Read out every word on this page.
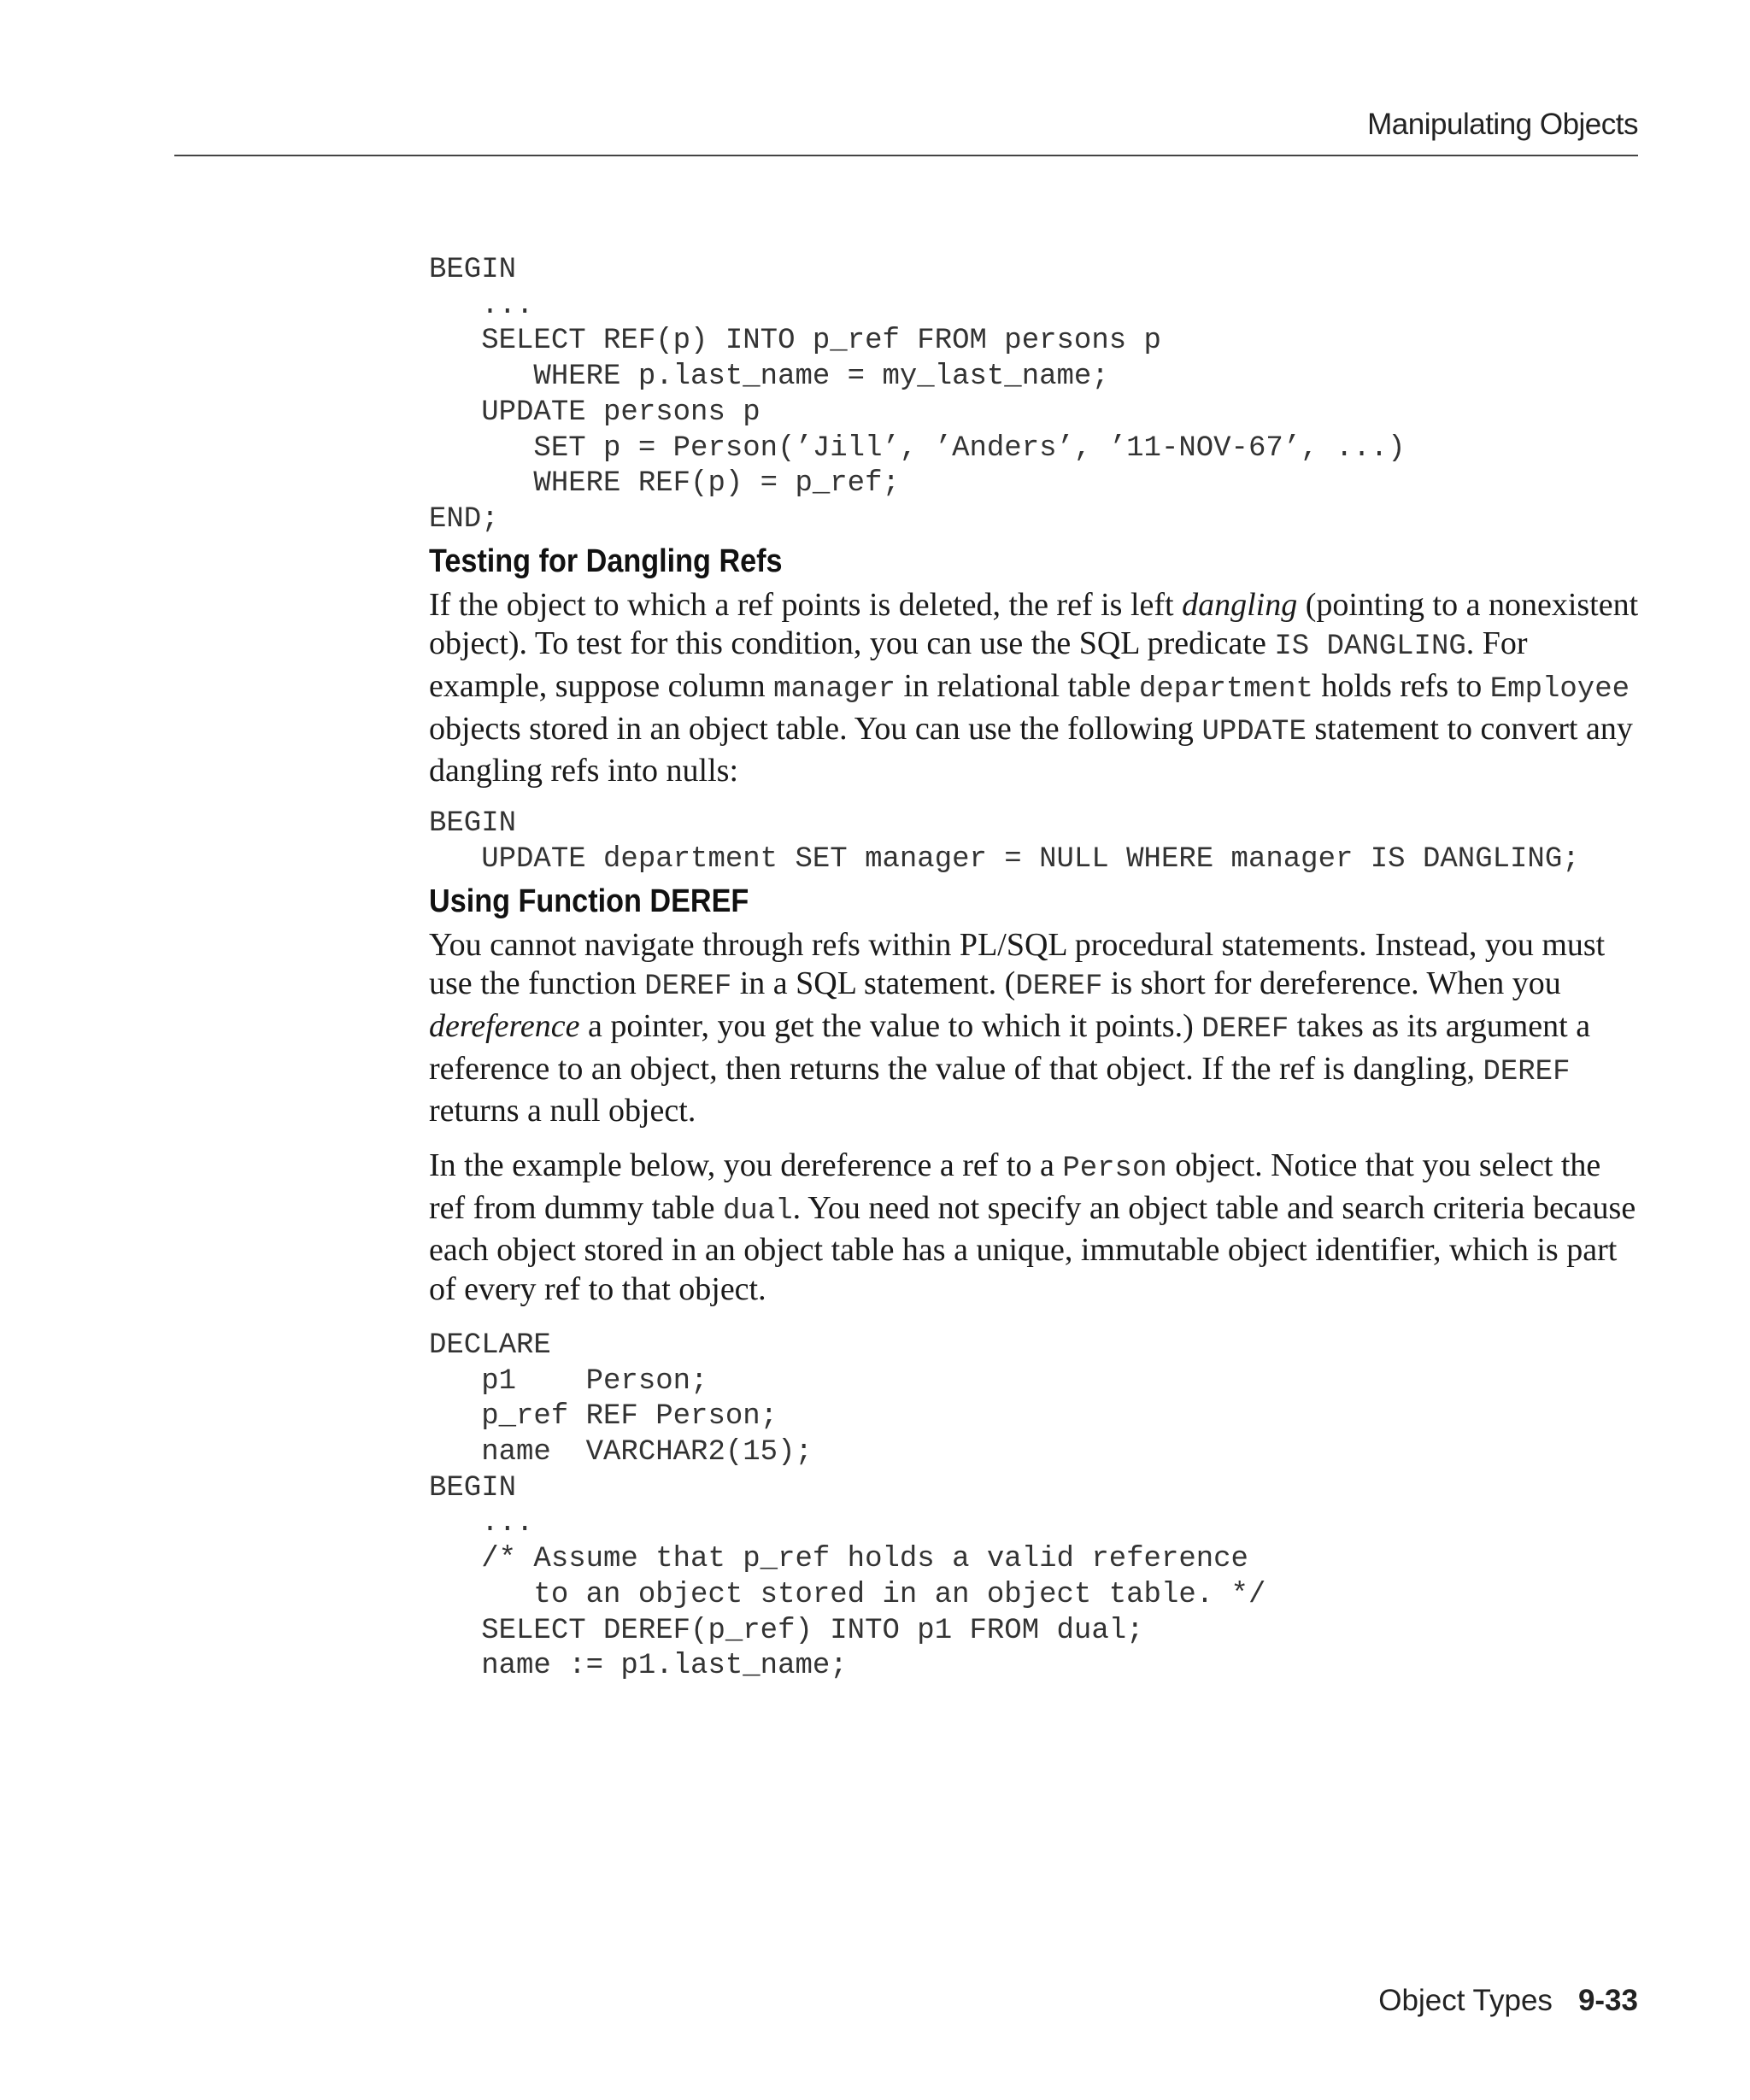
Manipulating Objects
BEGIN
...
SELECT REF(p) INTO p_ref FROM persons p
WHERE p.last_name = my_last_name;
UPDATE persons p
SET p = Person(’Jill’, ’Anders’, ’11-NOV-67’, ...)
WHERE REF(p) = p_ref;
END;
Testing for Dangling Refs

If the object to which a ref points is deleted, the ref is left dangling (pointing to a nonexistent object). To test for this condition, you can use the SQL predicate IS DANGLING. For example, suppose column manager in relational table department holds refs to Employee objects stored in an object table. You can use the following UPDATE statement to convert any dangling refs into nulls:

BEGIN
UPDATE department SET manager = NULL WHERE manager IS DANGLING;
Using Function DEREF

You cannot navigate through refs within PL/SQL procedural statements. Instead, you must use the function DEREF in a SQL statement. (DEREF is short for dereference. When you dereference a pointer, you get the value to which it points.) DEREF takes as its argument a reference to an object, then returns the value of that object. If the ref is dangling, DEREF returns a null object.

In the example below, you dereference a ref to a Person object. Notice that you select the ref from dummy table dual. You need not specify an object table and search criteria because each object stored in an object table has a unique, immutable object identifier, which is part of every ref to that object.

DECLARE
p1    Person;
p_ref REF Person;
name  VARCHAR2(15);
BEGIN
...
/* Assume that p_ref holds a valid reference
to an object stored in an object table. */
SELECT DEREF(p_ref) INTO p1 FROM dual;
name := p1.last_name;
Object Types 9-33
